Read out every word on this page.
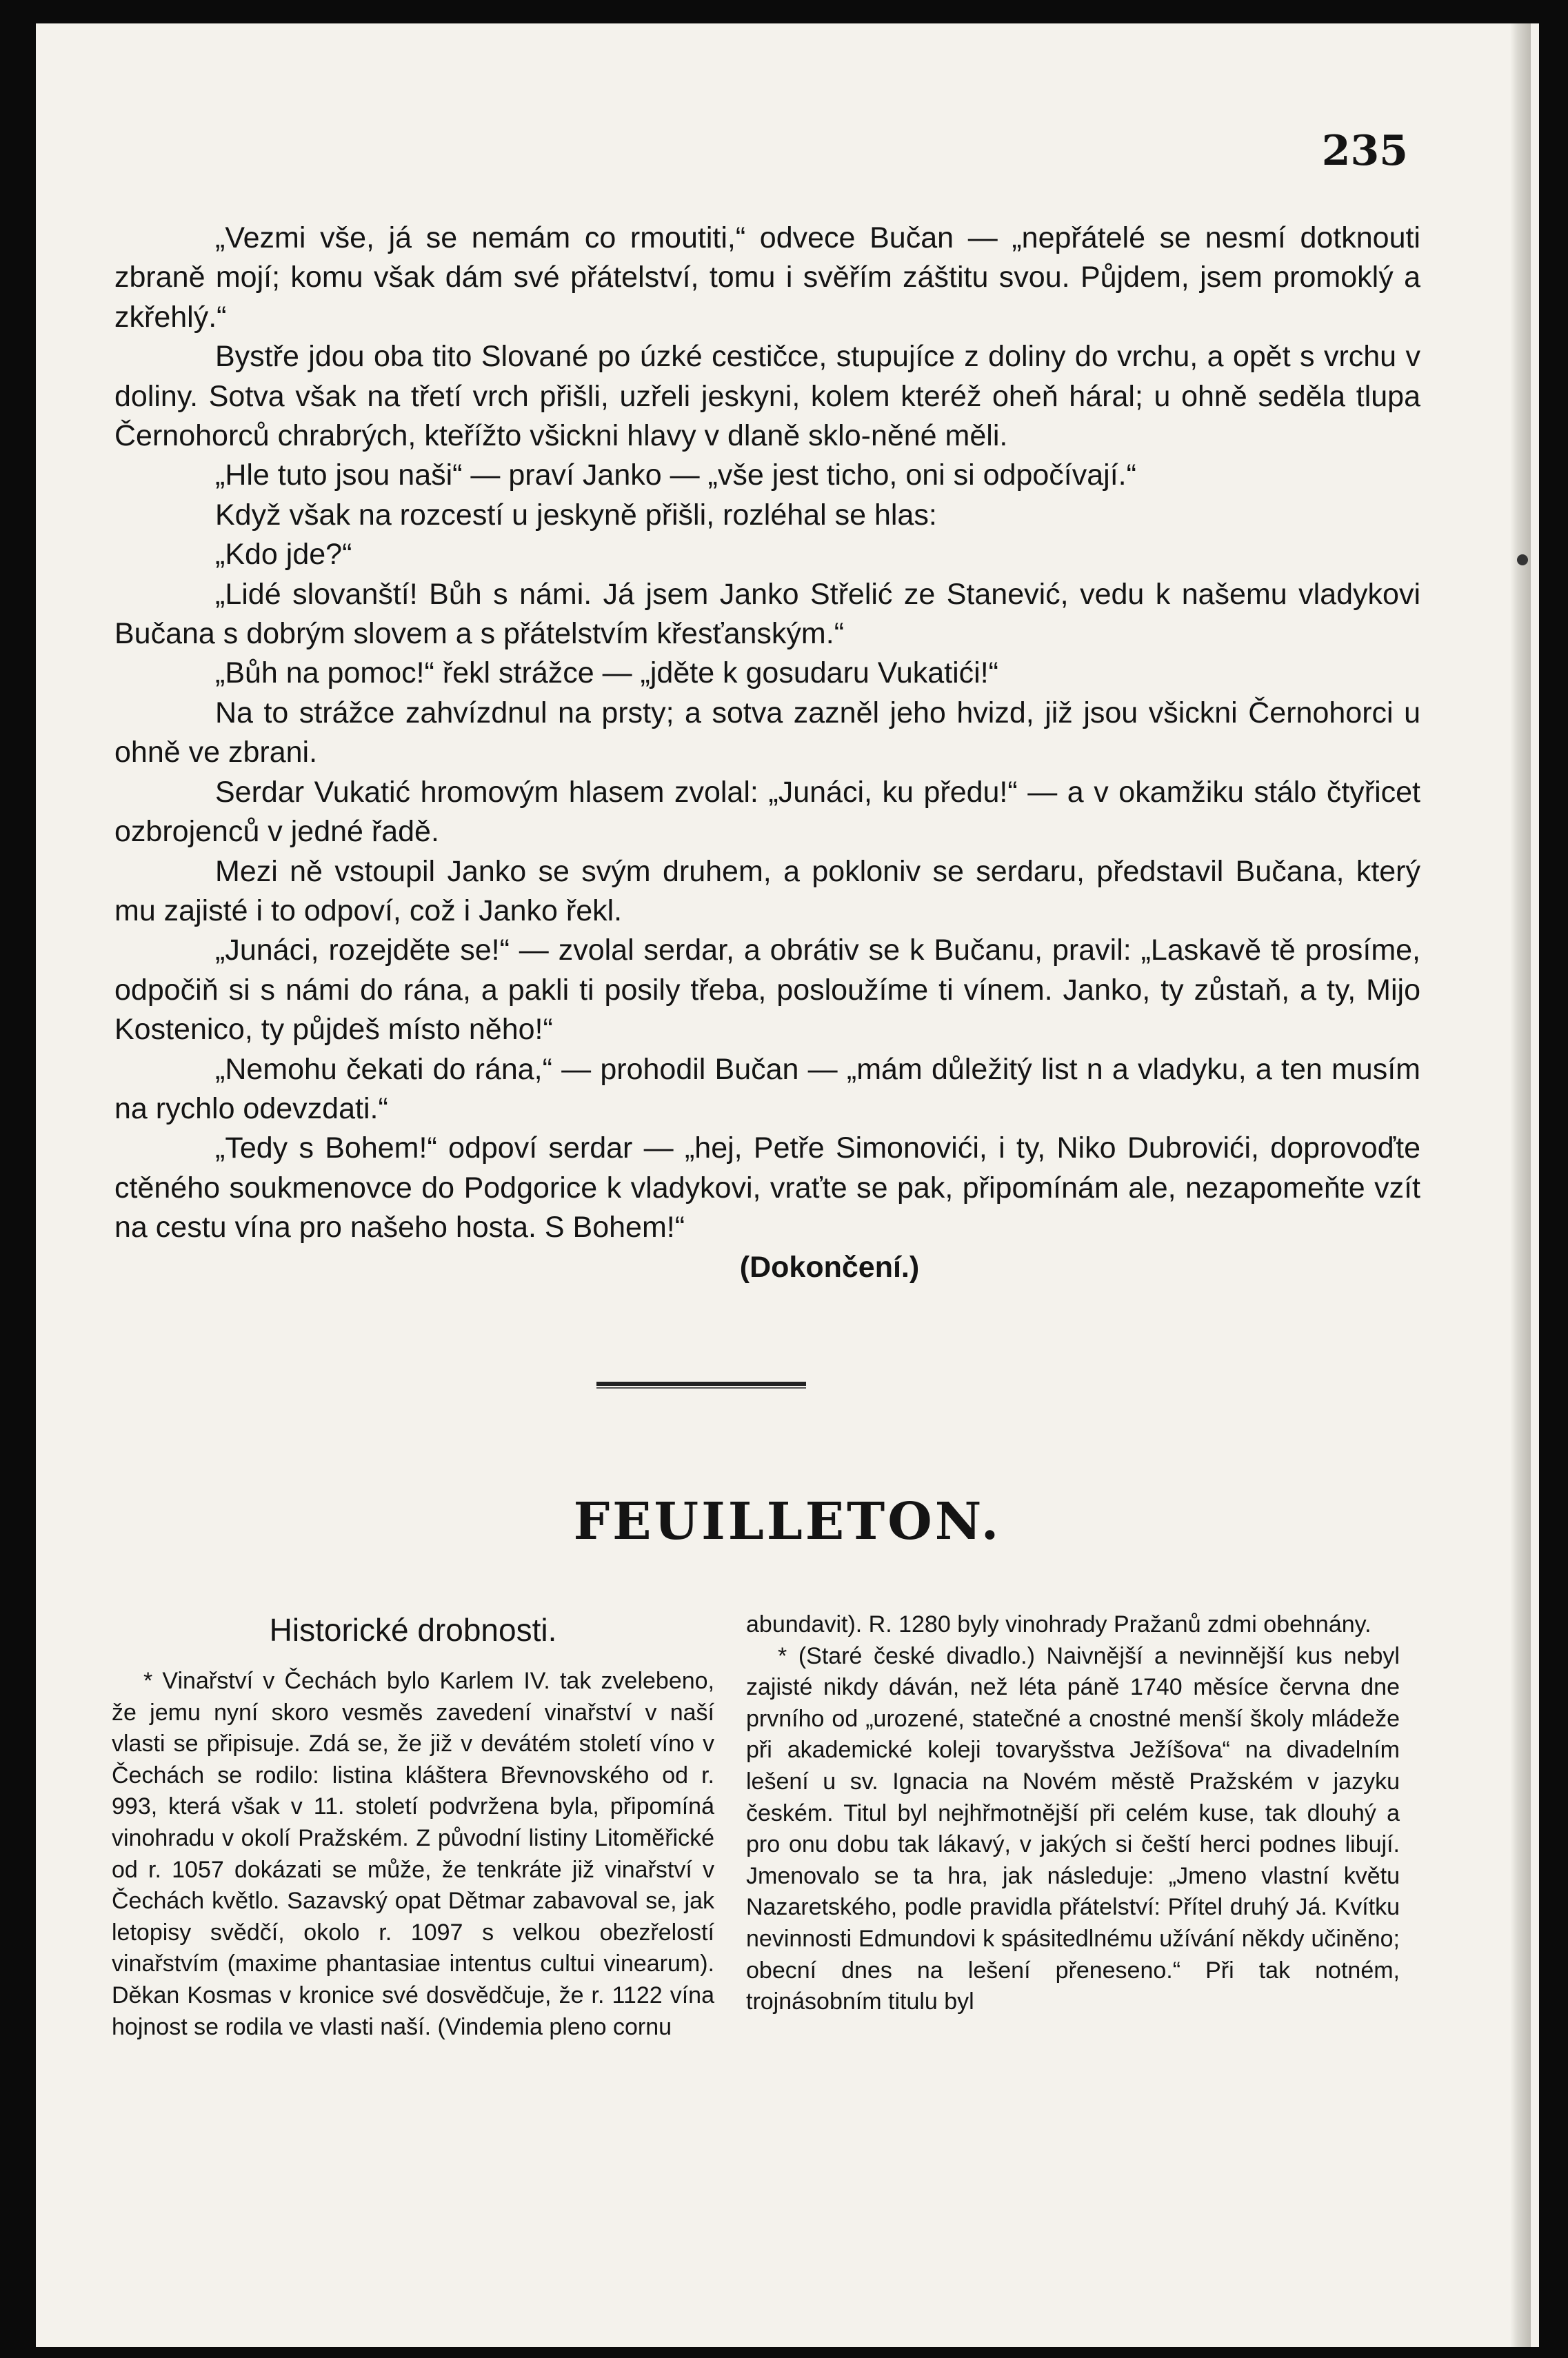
235

„Vezmi vše, já se nemám co rmoutiti,“ odvece Bučan — „nepřátelé se nesmí dotknouti zbraně mojí; komu však dám své přátelství, tomu i svěřím záštitu svou. Půjdem, jsem promoklý a zkřehlý.“

Bystře jdou oba tito Slované po úzké cestičce, stupujíce z doliny do vrchu, a opět s vrchu v doliny. Sotva však na třetí vrch přišli, uzřeli jeskyni, kolem kteréž oheň háral; u ohně seděla tlupa Černohorců chrabrých, kteřížto všickni hlavy v dlaně sklo-něné měli.

„Hle tuto jsou naši“ — praví Janko — „vše jest ticho, oni si odpočívají.“

Když však na rozcestí u jeskyně přišli, rozléhal se hlas:

„Kdo jde?“

„Lidé slovanští! Bůh s námi. Já jsem Janko Střelić ze Stanević, vedu k našemu vladykovi Bučana s dobrým slovem a s přátelstvím křesťanským.“

„Bůh na pomoc!“ řekl strážce — „jděte k gosudaru Vukatići!“

Na to strážce zahvízdnul na prsty; a sotva zazněl jeho hvizd, již jsou všickni Černohorci u ohně ve zbrani.

Serdar Vukatić hromovým hlasem zvolal: „Junáci, ku předu!“ — a v okamžiku stálo čtyřicet ozbrojenců v jedné řadě.

Mezi ně vstoupil Janko se svým druhem, a pokloniv se serdaru, představil Bučana, který mu zajisté i to odpoví, což i Janko řekl.

„Junáci, rozejděte se!“ — zvolal serdar, a obrátiv se k Bučanu, pravil: „Laskavě tě prosíme, odpočiň si s námi do rána, a pakli ti posily třeba, posloužíme ti vínem. Janko, ty zůstaň, a ty, Mijo Kostenico, ty půjdeš místo něho!“

„Nemohu čekati do rána,“ — prohodil Bučan — „mám důležitý list n a vladyku, a ten musím na rychlo odevzdati.“

„Tedy s Bohem!“ odpoví serdar — „hej, Petře Simonovići, i ty, Niko Dubrovići, doprovoďte ctěného soukmenovce do Podgorice k vladykovi, vraťte se pak, připomínám ale, nezapomeňte vzít na cestu vína pro našeho hosta. S Bohem!“

(Dokončení.)

FEUILLETON.
Historické drobnosti.

* Vinařství v Čechách bylo Karlem IV. tak zvelebeno, že jemu nyní skoro vesměs zavedení vinařství v naší vlasti se připisuje. Zdá se, že již v devátém století víno v Čechách se rodilo: listina kláštera Břevnovského od r. 993, která však v 11. století podvržena byla, připomíná vinohradu v okolí Pražském. Z původní listiny Litoměřické od r. 1057 dokázati se může, že tenkráte již vinařství v Čechách květlo. Sazavský opat Dětmar zabavoval se, jak letopisy svědčí, okolo r. 1097 s velkou obezřelostí vinařstvím (maxime phantasiae intentus cultui vinearum). Děkan Kosmas v kronice své dosvědčuje, že r. 1122 vína hojnost se rodila ve vlasti naší. (Vindemia pleno cornu

abundavit). R. 1280 byly vinohrady Pražanů zdmi obehnány.

* (Staré české divadlo.) Naivnější a nevinnější kus nebyl zajisté nikdy dáván, než léta páně 1740 měsíce června dne prvního od „urozené, statečné a cnostné menší školy mládeže při akademické koleji tovaryšstva Ježíšova“ na divadelním lešení u sv. Ignacia na Novém městě Pražském v jazyku českém. Titul byl nejhřmotnější při celém kuse, tak dlouhý a pro onu dobu tak lákavý, v jakých si čeští herci podnes libují. Jmenovalo se ta hra, jak následuje: „Jmeno vlastní květu Nazaretského, podle pravidla přátelství: Přítel druhý Já. Kvítku nevinnosti Edmundovi k spásitedlnému užívání někdy učiněno; obecní dnes na lešení přeneseno.“ Při tak notném, trojnásobním titulu byl
